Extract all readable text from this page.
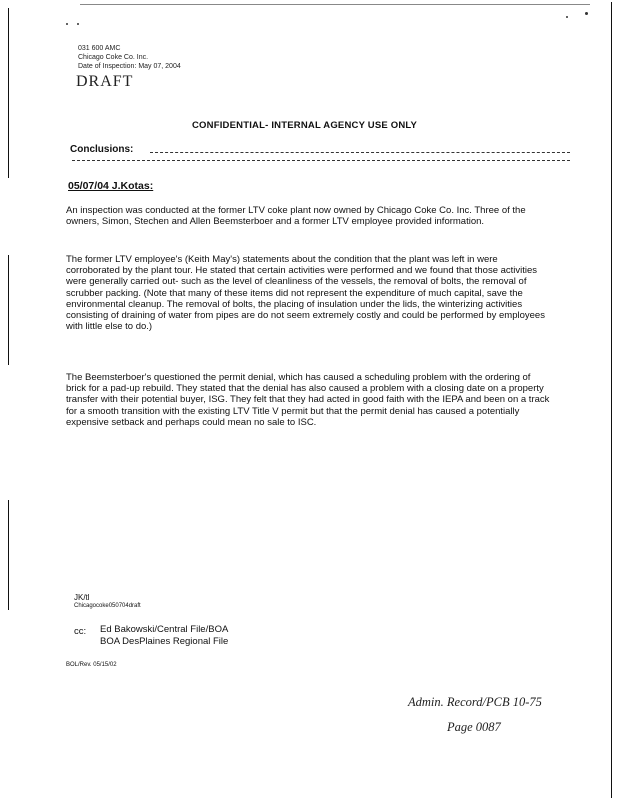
031 600 AMC
Chicago Coke Co. Inc.
Date of Inspection: May 07, 2004
DRAFT
CONFIDENTIAL- INTERNAL AGENCY USE ONLY
Conclusions:
05/07/04 J.Kotas:
An inspection was conducted at the former LTV coke plant now owned by Chicago Coke Co. Inc. Three of the owners, Simon, Stechen and Allen Beemsterboer and a former LTV employee provided information.
The former LTV employee's (Keith May's) statements about the condition that the plant was left in were corroborated by the plant tour. He stated that certain activities were performed and we found that those activities were generally carried out- such as the level of cleanliness of the vessels, the removal of bolts, the removal of scrubber packing. (Note that many of these items did not represent the expenditure of much capital, save the environmental cleanup. The removal of bolts, the placing of insulation under the lids, the winterizing activities consisting of draining of water from pipes are do not seem extremely costly and could be performed by employees with little else to do.)
The Beemsterboer's questioned the permit denial, which has caused a scheduling problem with the ordering of brick for a pad-up rebuild. They stated that the denial has also caused a problem with a closing date on a property transfer with their potential buyer, ISG. They felt that they had acted in good faith with the IEPA and been on a track for a smooth transition with the existing LTV Title V permit but that the permit denial has caused a potentially expensive setback and perhaps could mean no sale to ISC.
JK/tl
Chicagocoke050704draft
cc: Ed Bakowski/Central File/BOA
BOA DesPlaines Regional File
BOL/Rev. 05/15/02
Admin. Record/PCB 10-75
Page 0087
